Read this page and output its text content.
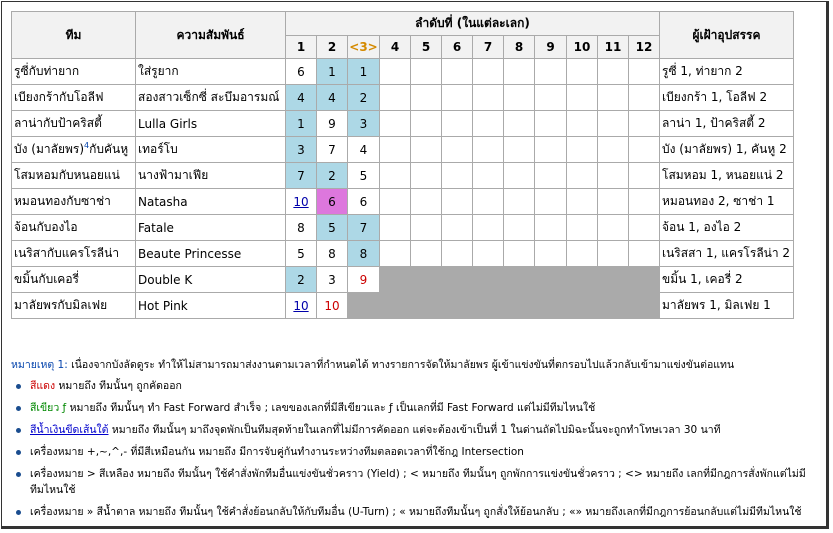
ทีม	ความสัมพันธ์	ลำดับที่ (ในแต่ละเลก)												ผู้เฝ้าอุปสรรค
		1	2	<3>	4	5	6	7	8	9	10	11	12	
รูซี่กับท่ายาก	ใส่รูยาก	6	1	1										รูซี่ 1, ท่ายาก 2
เบียงกร้ากับโอลีฟ	สองสาวเซ็กซี่ สะบึมอารมณ์	4	4	2										เบียงกร้า 1, โอลีฟ 2
ลาน่ากับป้าคริสตี้	Lulla Girls	1	9	3										ลาน่า 1, ป้าคริสตี้ 2
บัง (มาลัยพร)$^4$กับคันหู	เทอร์โบ	3	7	4										บัง (มาลัยพร) 1, คันหู 2
โสมหอมกับหนอยแน่	นางฟ้ามาเฟีย	7	2	5										โสมหอม 1, หนอยแน่ 2
หมอนทองกับซาช่า	Natasha	10	6	6										หมอนทอง 2, ซาช่า 1
จ้อนกับองไอ	Fatale	8	5	7										จ้อน 1, องไอ 2
เนริสากับแครโรลีน่า	Beaute Princesse	5	8	8										เนริสสา 1, แครโรลีน่า 2
ขมิ้นกับเคอรี่	Double K	2	3	9										ขมิ้น 1, เคอรี่ 2
มาลัยพรกับมิลเฟย	Hot Pink	10	10											มาลัยพร 1, มิลเฟย 1
หมายเหตุ 1: เนื่องจากบังลัดดูระ ทำให้ไม่สามารถมาส่งงานตามเวลาที่กำหนดได้ ทางรายการจัดให้มาลัยพร ผู้เข้าแข่งขันที่ตกรอบไปแล้วกลับเข้ามาแข่งขันต่อแทน
สีแดง หมายถึง ทีมนั้นๆ ถูกคัดออก
สีเขียว ƒ หมายถึง ทีมนั้นๆ ทำ Fast Forward สำเร็จ ; เลขของเลกที่มีสีเขียวและ ƒ เป็นเลกที่มี Fast Forward แต่ไม่มีทีมไหนใช้
สีน้ำเงินขีดเส้นใต้ หมายถึง ทีมนั้นๆ มาถึงจุดพักเป็นทีมสุดท้ายในเลกที่ไม่มีการคัดออก แต่จะต้องเข้าเป็นที่ 1 ในด่านถัดไปมิฉะนั้นจะถูกทำโทษเวลา 30 นาที
เครื่องหมาย +,~,^,- ที่มีสีเหมือนกัน หมายถึง มีการจับคู่กันทำงานระหว่างทีมตลอดเวลาที่ใช้กฎ Intersection
เครื่องหมาย > สีเหลือง หมายถึง ทีมนั้นๆ ใช้คำสั่งพักทีมอื่นแข่งขันชั่วคราว (Yield) ; < หมายถึง ทีมนั้นๆ ถูกพักการแข่งขันชั่วคราว ; <> หมายถึง เลกที่มีกฎการสั่งพักแต่ไม่มีทีมไหนใช้
เครื่องหมาย » สีน้ำตาล หมายถึง ทีมนั้นๆ ใช้คำสั่งย้อนกลับให้กับทีมอื่น (U-Turn) ; « หมายถึงทีมนั้นๆ ถูกสั่งให้ย้อนกลับ ; «» หมายถึงเลกที่มีกฎการย้อนกลับแต่ไม่มีทีมไหนใช้
